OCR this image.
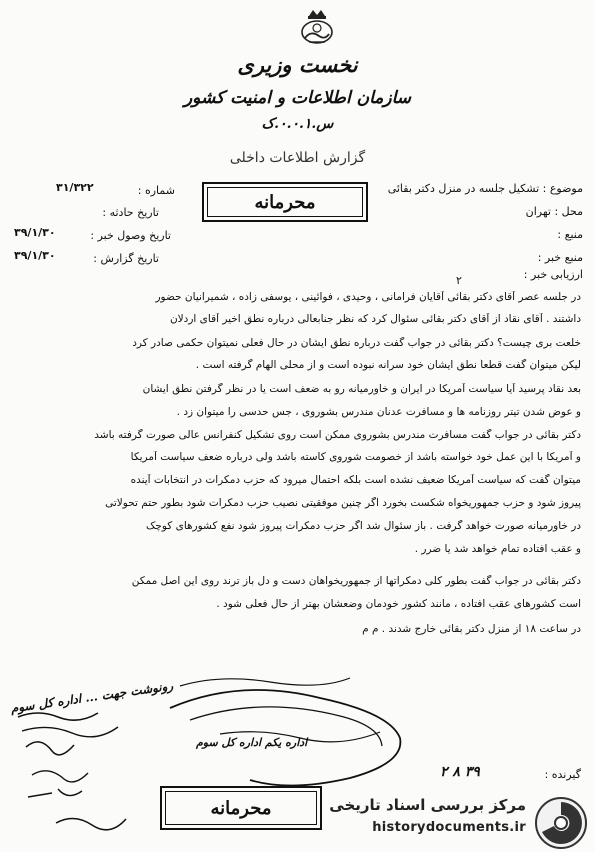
نخست وزیری
سازمان اطلاعات و امنیت کشور
س.۰.۰.۱.ک
گزارش اطلاعات داخلی
موضوع : تشکیل جلسه در منزل دکتر بقائی
محل : تهران
منبع :
منبع خبر :
ارزیابی خبر :
۲
شماره :
۳۱/۳۲۲
تاریخ حادثه :
تاریخ وصول خبر :
۳۹/۱/۳۰
تاریخ گزارش :
۳۹/۱/۳۰
محرمانه
در جلسه عصر آقای دکتر بقائی آقایان فرامانی ، وحیدی ، فوائینی ، یوسفی زاده ، شمیرانیان حضور
داشتند . آقای نقاد از آقای دکتر بقائی سئوال کرد که نظر جنابعالی درباره نطق اخیر آقای اردلان
خلعت بری چیست؟ دکتر بقائی در جواب گفت درباره نطق ایشان در حال فعلی نمیتوان حکمی صادر کرد
لیکن میتوان گفت قطعاً نطق ایشان خود سرانه نبوده است و از محلی الهام گرفته است .
بعد نقاد پرسید آیا سیاست آمریکا در ایران و خاورمیانه رو به ضعف است یا در نظر گرفتن نطق ایشان
و عوض شدن تیتر روزنامه ها و مسافرت عدنان مندرس بشوروی ، جس حدسی را میتوان زد .
دکتر بقائی در جواب گفت مسافرت مندرس بشوروی ممکن است روی تشکیل کنفرانس عالی صورت گرفته باشد
و آمریکا با این عمل خود خواسته باشد از خصومت شوروی کاسته باشد ولی درباره ضعف سیاست آمریکا
میتوان گفت که سیاست آمریکا ضعیف نشده است بلکه احتمال میرود که حزب دمکرات در انتخابات آینده
پیروز شود و حزب جمهوریخواه شکست بخورد اگر چنین موفقیتی نصیب حزب دمکرات شود بطور حتم تحولاتی
در خاورمیانه صورت خواهد گرفت . باز سئوال شد اگر حزب دمکرات پیروز شود نفع کشورهای کوچک
و عقب افتاده تمام خواهد شد یا ضرر .
دکتر بقائی در جواب گفت بطور کلی دمکراتها از جمهوریخواهان دست و دل باز ترند روی این اصل ممکن
است کشورهای عقب افتاده ، مانند کشور خودمان وضعشان بهتر از حال فعلی شود .
در ساعت ۱۸ از منزل دکتر بقائی خارج شدند . م م
رونوشت جهت ... اداره کل سوم
اداره یکم اداره کل سوم
گیرنده :
۲ ۸ ۳۹
محرمانه	مرکز بررسی اسناد تاریخی
historydocuments.ir
